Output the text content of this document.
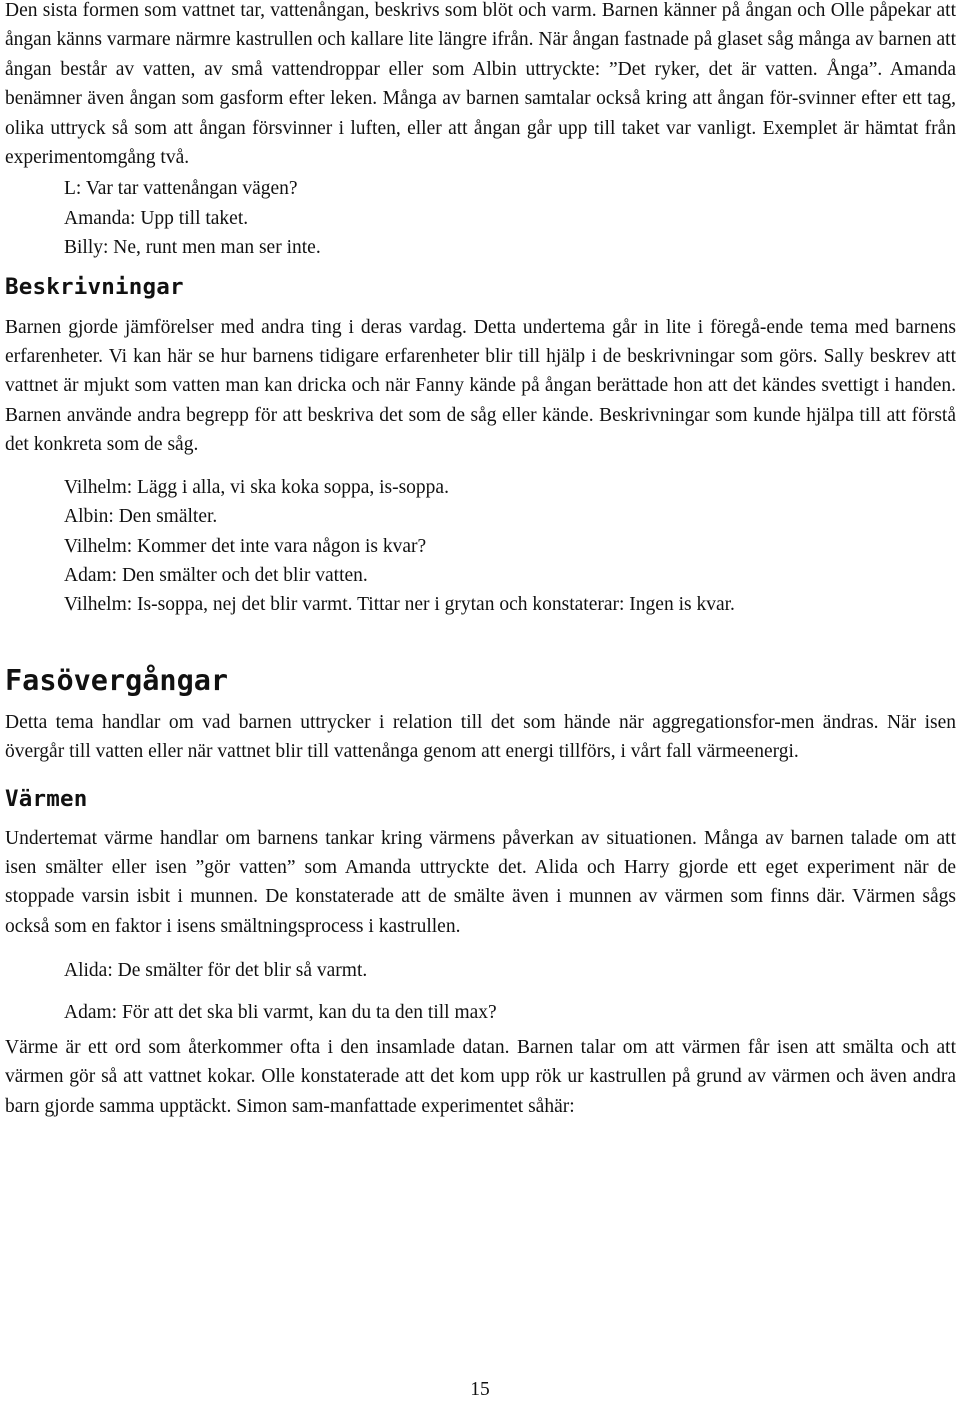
Den sista formen som vattnet tar, vattenångan, beskrivs som blöt och varm. Barnen känner på ångan och Olle påpekar att ångan känns varmare närmre kastrullen och kallare lite längre ifrån. När ångan fastnade på glaset såg många av barnen att ångan består av vatten, av små vattendroppar eller som Albin uttryckte: ”Det ryker, det är vatten. Ånga”. Amanda benämner även ångan som gasform efter leken. Många av barnen samtalar också kring att ångan för-svinner efter ett tag, olika uttryck så som att ångan försvinner i luften, eller att ångan går upp till taket var vanligt. Exemplet är hämtat från experimentomgång två.

L: Var tar vattenångan vägen?
Amanda: Upp till taket.
Billy: Ne, runt men man ser inte.
Beskrivningar

Barnen gjorde jämförelser med andra ting i deras vardag. Detta undertema går in lite i föregå-ende tema med barnens erfarenheter. Vi kan här se hur barnens tidigare erfarenheter blir till hjälp i de beskrivningar som görs. Sally beskrev att vattnet är mjukt som vatten man kan dricka och när Fanny kände på ångan berättade hon att det kändes svettigt i handen. Barnen använde andra begrepp för att beskriva det som de såg eller kände. Beskrivningar som kunde hjälpa till att förstå det konkreta som de såg.

Vilhelm: Lägg i alla, vi ska koka soppa, is-soppa.
Albin: Den smälter.
Vilhelm: Kommer det inte vara någon is kvar?
Adam: Den smälter och det blir vatten.
Vilhelm: Is-soppa, nej det blir varmt. Tittar ner i grytan och konstaterar: Ingen is kvar.
Fasövergångar

Detta tema handlar om vad barnen uttrycker i relation till det som hände när aggregationsfor-men ändras. När isen övergår till vatten eller när vattnet blir till vattenånga genom att energi tillförs, i vårt fall värmeenergi.

Värmen

Undertemat värme handlar om barnens tankar kring värmens påverkan av situationen. Många av barnen talade om att isen smälter eller isen ”gör vatten” som Amanda uttryckte det. Alida och Harry gjorde ett eget experiment när de stoppade varsin isbit i munnen. De konstaterade att de smälte även i munnen av värmen som finns där. Värmen sågs också som en faktor i isens smältningsprocess i kastrullen.

Alida: De smälter för det blir så varmt.
Adam: För att det ska bli varmt, kan du ta den till max?

Värme är ett ord som återkommer ofta i den insamlade datan. Barnen talar om att värmen får isen att smälta och att värmen gör så att vattnet kokar. Olle konstaterade att det kom upp rök ur kastrullen på grund av värmen och även andra barn gjorde samma upptäckt. Simon sam-manfattade experimentet såhär:

15
